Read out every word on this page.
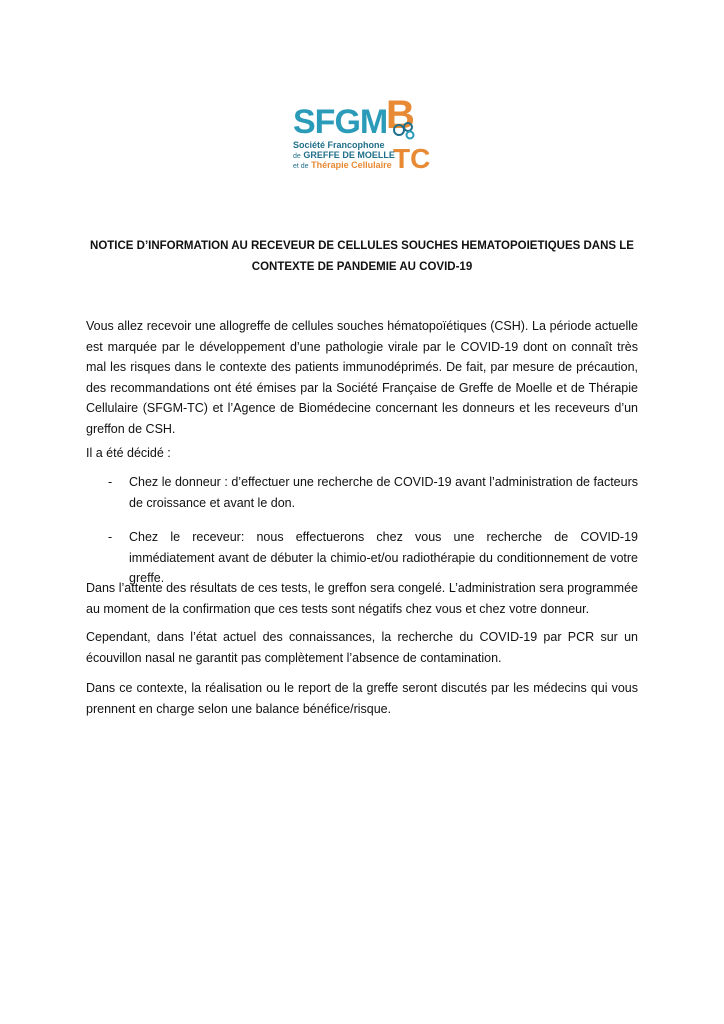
SFGM
B
TC
Société Francophone
de GREFFE DE MOELLE
et de Thérapie Cellulaire
NOTICE D’INFORMATION AU RECEVEUR DE CELLULES SOUCHES HEMATOPOIETIQUES DANS LE CONTEXTE DE PANDEMIE AU COVID-19

Vous allez recevoir une allogreffe de cellules souches hématopoïétiques (CSH). La période actuelle est marquée par le développement d’une pathologie virale par le COVID-19 dont on connaît très mal les risques dans le contexte des patients immunodéprimés. De fait, par mesure de précaution, des recommandations ont été émises par la Société Française de Greffe de Moelle et de Thérapie Cellulaire (SFGM-TC) et l’Agence de Biomédecine concernant les donneurs et les receveurs d’un greffon de CSH.

Il a été décidé :

- Chez le donneur : d’effectuer une recherche de COVID-19 avant l’administration de facteurs de croissance et avant le don.
- Chez le receveur: nous effectuerons chez vous une recherche de COVID-19 immédiatement avant de débuter la chimio-et/ou radiothérapie du conditionnement de votre greffe.

Dans l’attente des résultats de ces tests, le greffon sera congelé. L’administration sera programmée au moment de la confirmation que ces tests sont négatifs chez vous et chez votre donneur.

Cependant, dans l’état actuel des connaissances, la recherche du COVID-19 par PCR sur un écouvillon nasal ne garantit pas complètement l’absence de contamination.

Dans ce contexte, la réalisation ou le report de la greffe seront discutés par les médecins qui vous prennent en charge selon une balance bénéfice/risque.
